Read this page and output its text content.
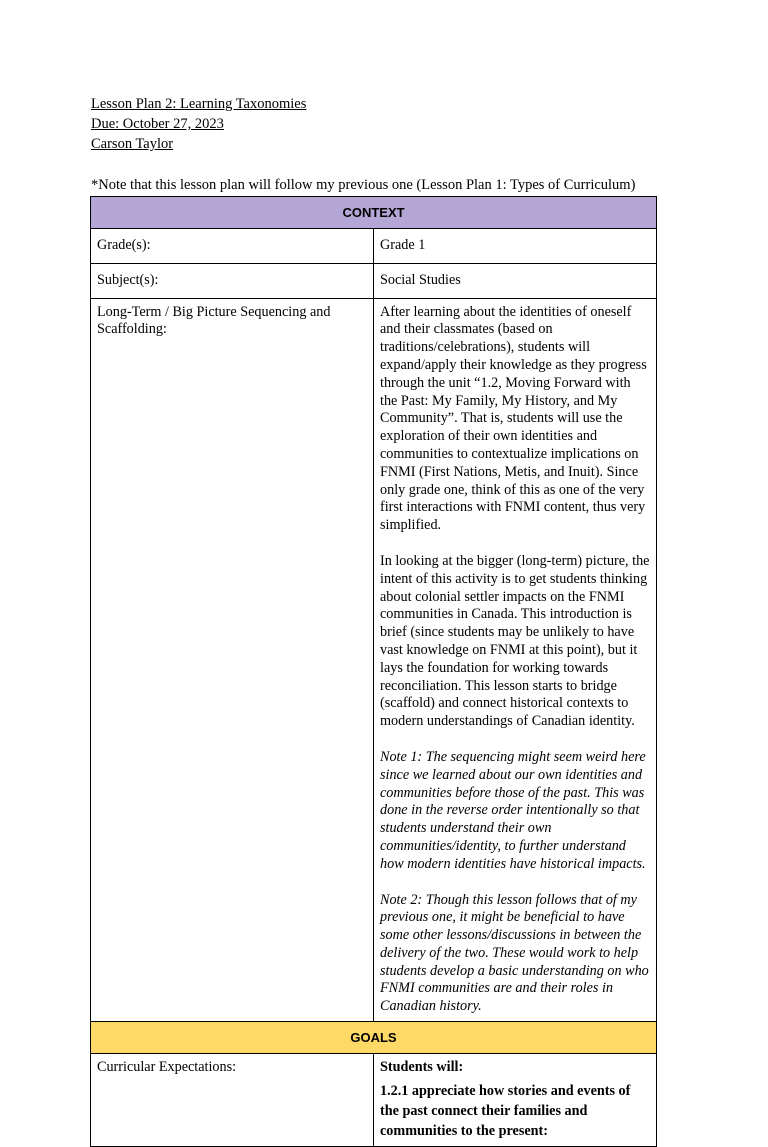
Lesson Plan 2: Learning Taxonomies
Due: October 27, 2023
Carson Taylor
*Note that this lesson plan will follow my previous one (Lesson Plan 1: Types of Curriculum)
CONTEXT	
Grade(s):	Grade 1
Subject(s):	Social Studies
Long-Term / Big Picture Sequencing and Scaffolding:	After learning about the identities of oneself and their classmates (based on traditions/celebrations), students will expand/apply their knowledge as they progress through the unit “1.2, Moving Forward with the Past: My Family, My History, and My Community”. That is, students will use the exploration of their own identities and communities to contextualize implications on FNMI (First Nations, Metis, and Inuit). Since only grade one, think of this as one of the very first interactions with FNMI content, thus very simplified.

In looking at the bigger (long-term) picture, the intent of this activity is to get students thinking about colonial settler impacts on the FNMI communities in Canada. This introduction is brief (since students may be unlikely to have vast knowledge on FNMI at this point), but it lays the foundation for working towards reconciliation. This lesson starts to bridge (scaffold) and connect historical contexts to modern understandings of Canadian identity.

Note 1: The sequencing might seem weird here since we learned about our own identities and communities before those of the past. This was done in the reverse order intentionally so that students understand their own communities/identity, to further understand how modern identities have historical impacts.

Note 2: Though this lesson follows that of my previous one, it might be beneficial to have some other lessons/discussions in between the delivery of the two. These would work to help students develop a basic understanding on who FNMI communities are and their roles in Canadian history.

GOALS	
Curricular Expectations:	Students will:

1.2.1 appreciate how stories and events of the past connect their families and communities to the present:
